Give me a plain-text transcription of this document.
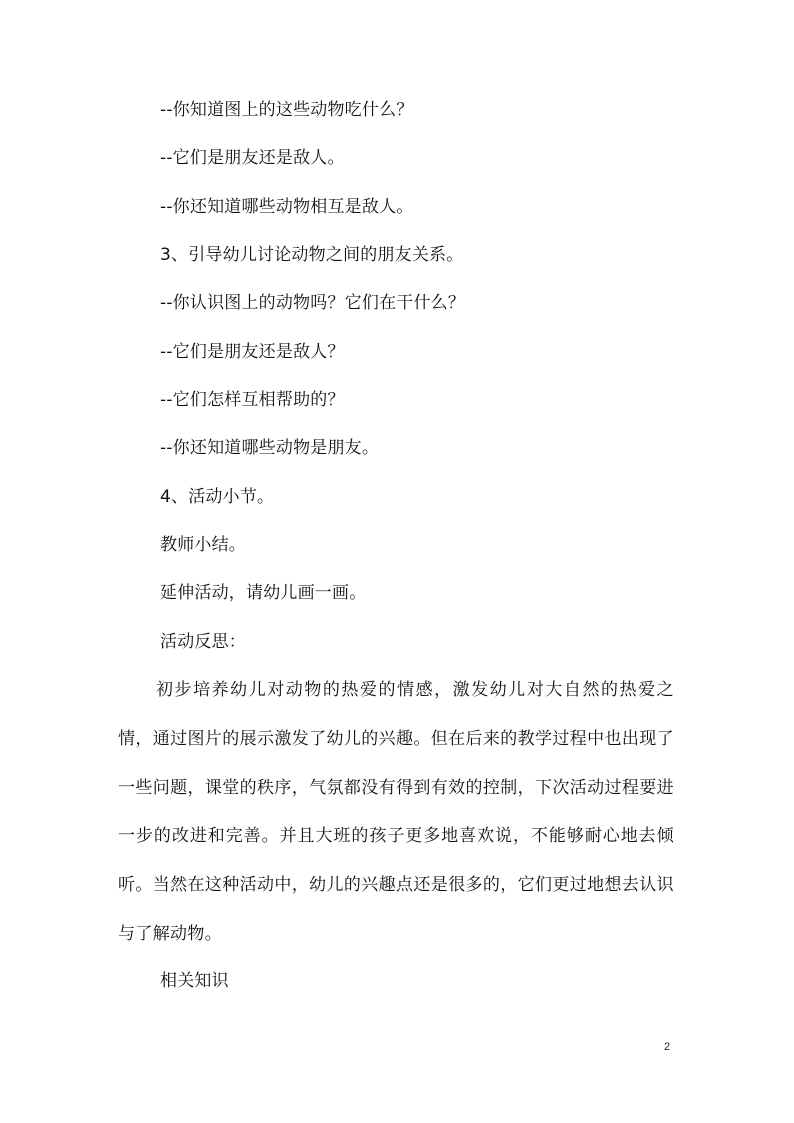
--你知道图上的这些动物吃什么？
--它们是朋友还是敌人。
--你还知道哪些动物相互是敌人。
3、引导幼儿讨论动物之间的朋友关系。
--你认识图上的动物吗？它们在干什么？
--它们是朋友还是敌人？
--它们怎样互相帮助的？
--你还知道哪些动物是朋友。
4、活动小节。
教师小结。
延伸活动，请幼儿画一画。
活动反思：
初步培养幼儿对动物的热爱的情感，激发幼儿对大自然的热爱之情，通过图片的展示激发了幼儿的兴趣。但在后来的教学过程中也出现了一些问题，课堂的秩序，气氛都没有得到有效的控制，下次活动过程要进一步的改进和完善。并且大班的孩子更多地喜欢说，不能够耐心地去倾听。当然在这种活动中，幼儿的兴趣点还是很多的，它们更过地想去认识与了解动物。
相关知识
2
